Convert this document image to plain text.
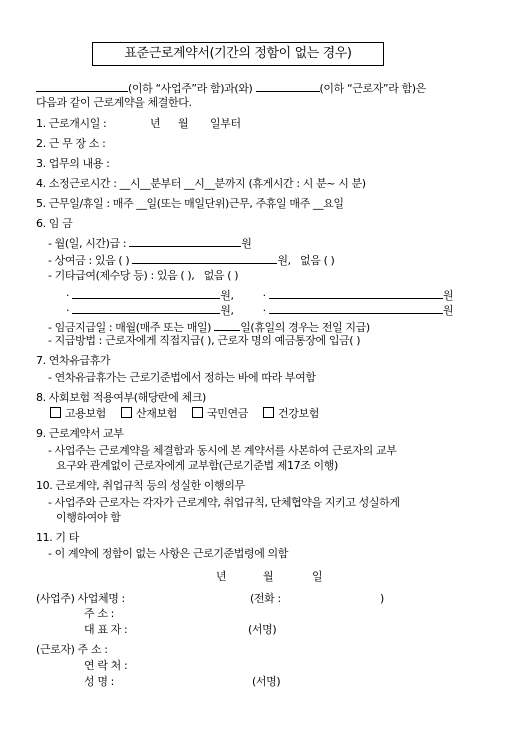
표준근로계약서(기간의 정함이 없는 경우)
(이하 “사업주”라 함)과(와)	(이하 “근로자”라 함)은
다음과 같이 근로계약을 체결한다.
1. 근로개시일 :	년 월 일부터
2. 근 무 장 소 :
3. 업무의 내용 :
4. 소정근로시간 : __시__분부터 __시__분까지 (휴게시간 : 시 분~ 시 분)
5. 근무일/휴일 : 매주 __일(또는 매일단위)근무, 주휴일 매주 __요일
6. 임 금
- 월(일, 시간)급 :	원
- 상여금 : 있음 ( )	원,   없음 ( )
- 기타급여(제수당 등) : 있음 ( ), 없음 ( )
·	원, ·	원
·	원, ·	원
- 임금지급일 : 매월(매주 또는 매일)	일(휴일의 경우는 전일 지급)
- 지급방법 : 근로자에게 직접지급( ), 근로자 명의 예금통장에 입금( )
7. 연차유급휴가
- 연차유급휴가는 근로기준법에서 정하는 바에 따라 부여함
8. 사회보험 적용여부(해당란에 체크)
고용보험	산재보험	국민연금	건강보험
9. 근로계약서 교부
- 사업주는 근로계약을 체결함과 동시에 본 계약서를 사본하여 근로자의 교부
요구와 관계없이 근로자에게 교부함(근로기준법 제17조 이행)
10. 근로계약, 취업규칙 등의 성실한 이행의무
- 사업주와 근로자는 각자가 근로계약, 취업규칙, 단체협약을 지키고 성실하게
이행하여야 함
11. 기 타
- 이 계약에 정함이 없는 사항은 근로기준법령에 의함
년	월	일
(사업주) 사업체명 :	(전화 :	)
주 소 :
대 표 자 :	(서명)
(근로자) 주 소 :
연 락 처 :
성 명 :	(서명)
